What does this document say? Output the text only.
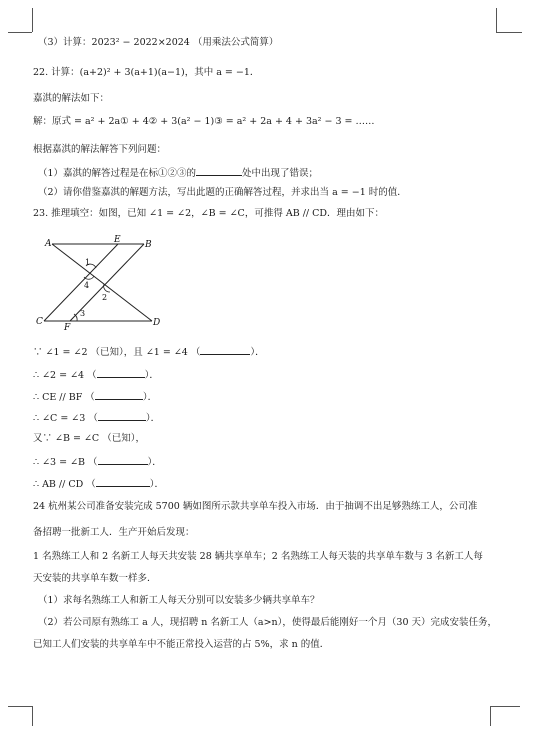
（3）计算：2023² − 2022×2024 （用乘法公式简算）
22. 计算：(a+2)² + 3(a+1)(a−1)，其中 a = −1．
嘉淇的解法如下：
解：原式 = a² + 2a① + 4② + 3(a² − 1)③ = a² + 2a + 4 + 3a² − 3 = ……
根据嘉淇的解法解答下列问题：
（1）嘉淇的解答过程是在标①②③的	处中出现了错误；
（2）请你借鉴嘉淇的解题方法，写出此题的正确解答过程，并求出当 a = −1 时的值．
23. 推理填空：如图，已知 ∠1 = ∠2，∠B = ∠C，可推得 AB // CD．理由如下：
A	E	B
C
F	D
1
4
2
3
∵ ∠1 = ∠2 （已知），且 ∠1 = ∠4 （	）．
∴ ∠2 = ∠4 （	）．
∴ CE // BF （	）．
∴ ∠C = ∠3 （	）．
又∵ ∠B = ∠C （已知），
∴ ∠3 = ∠B （	）．
∴ AB // CD （	）．
24 杭州某公司准备安装完成 5700 辆如图所示款共享单车投入市场．由于抽调不出足够熟练工人，公司准
备招聘一批新工人．生产开始后发现：
1 名熟练工人和 2 名新工人每天共安装 28 辆共享单车；2 名熟练工人每天装的共享单车数与 3 名新工人每
天安装的共享单车数一样多．
（1）求每名熟练工人和新工人每天分别可以安装多少辆共享单车？
（2）若公司原有熟练工 a 人，现招聘 n 名新工人（a>n），使得最后能刚好一个月（30 天）完成安装任务，
已知工人们安装的共享单车中不能正常投入运营的占 5%，求 n 的值．
